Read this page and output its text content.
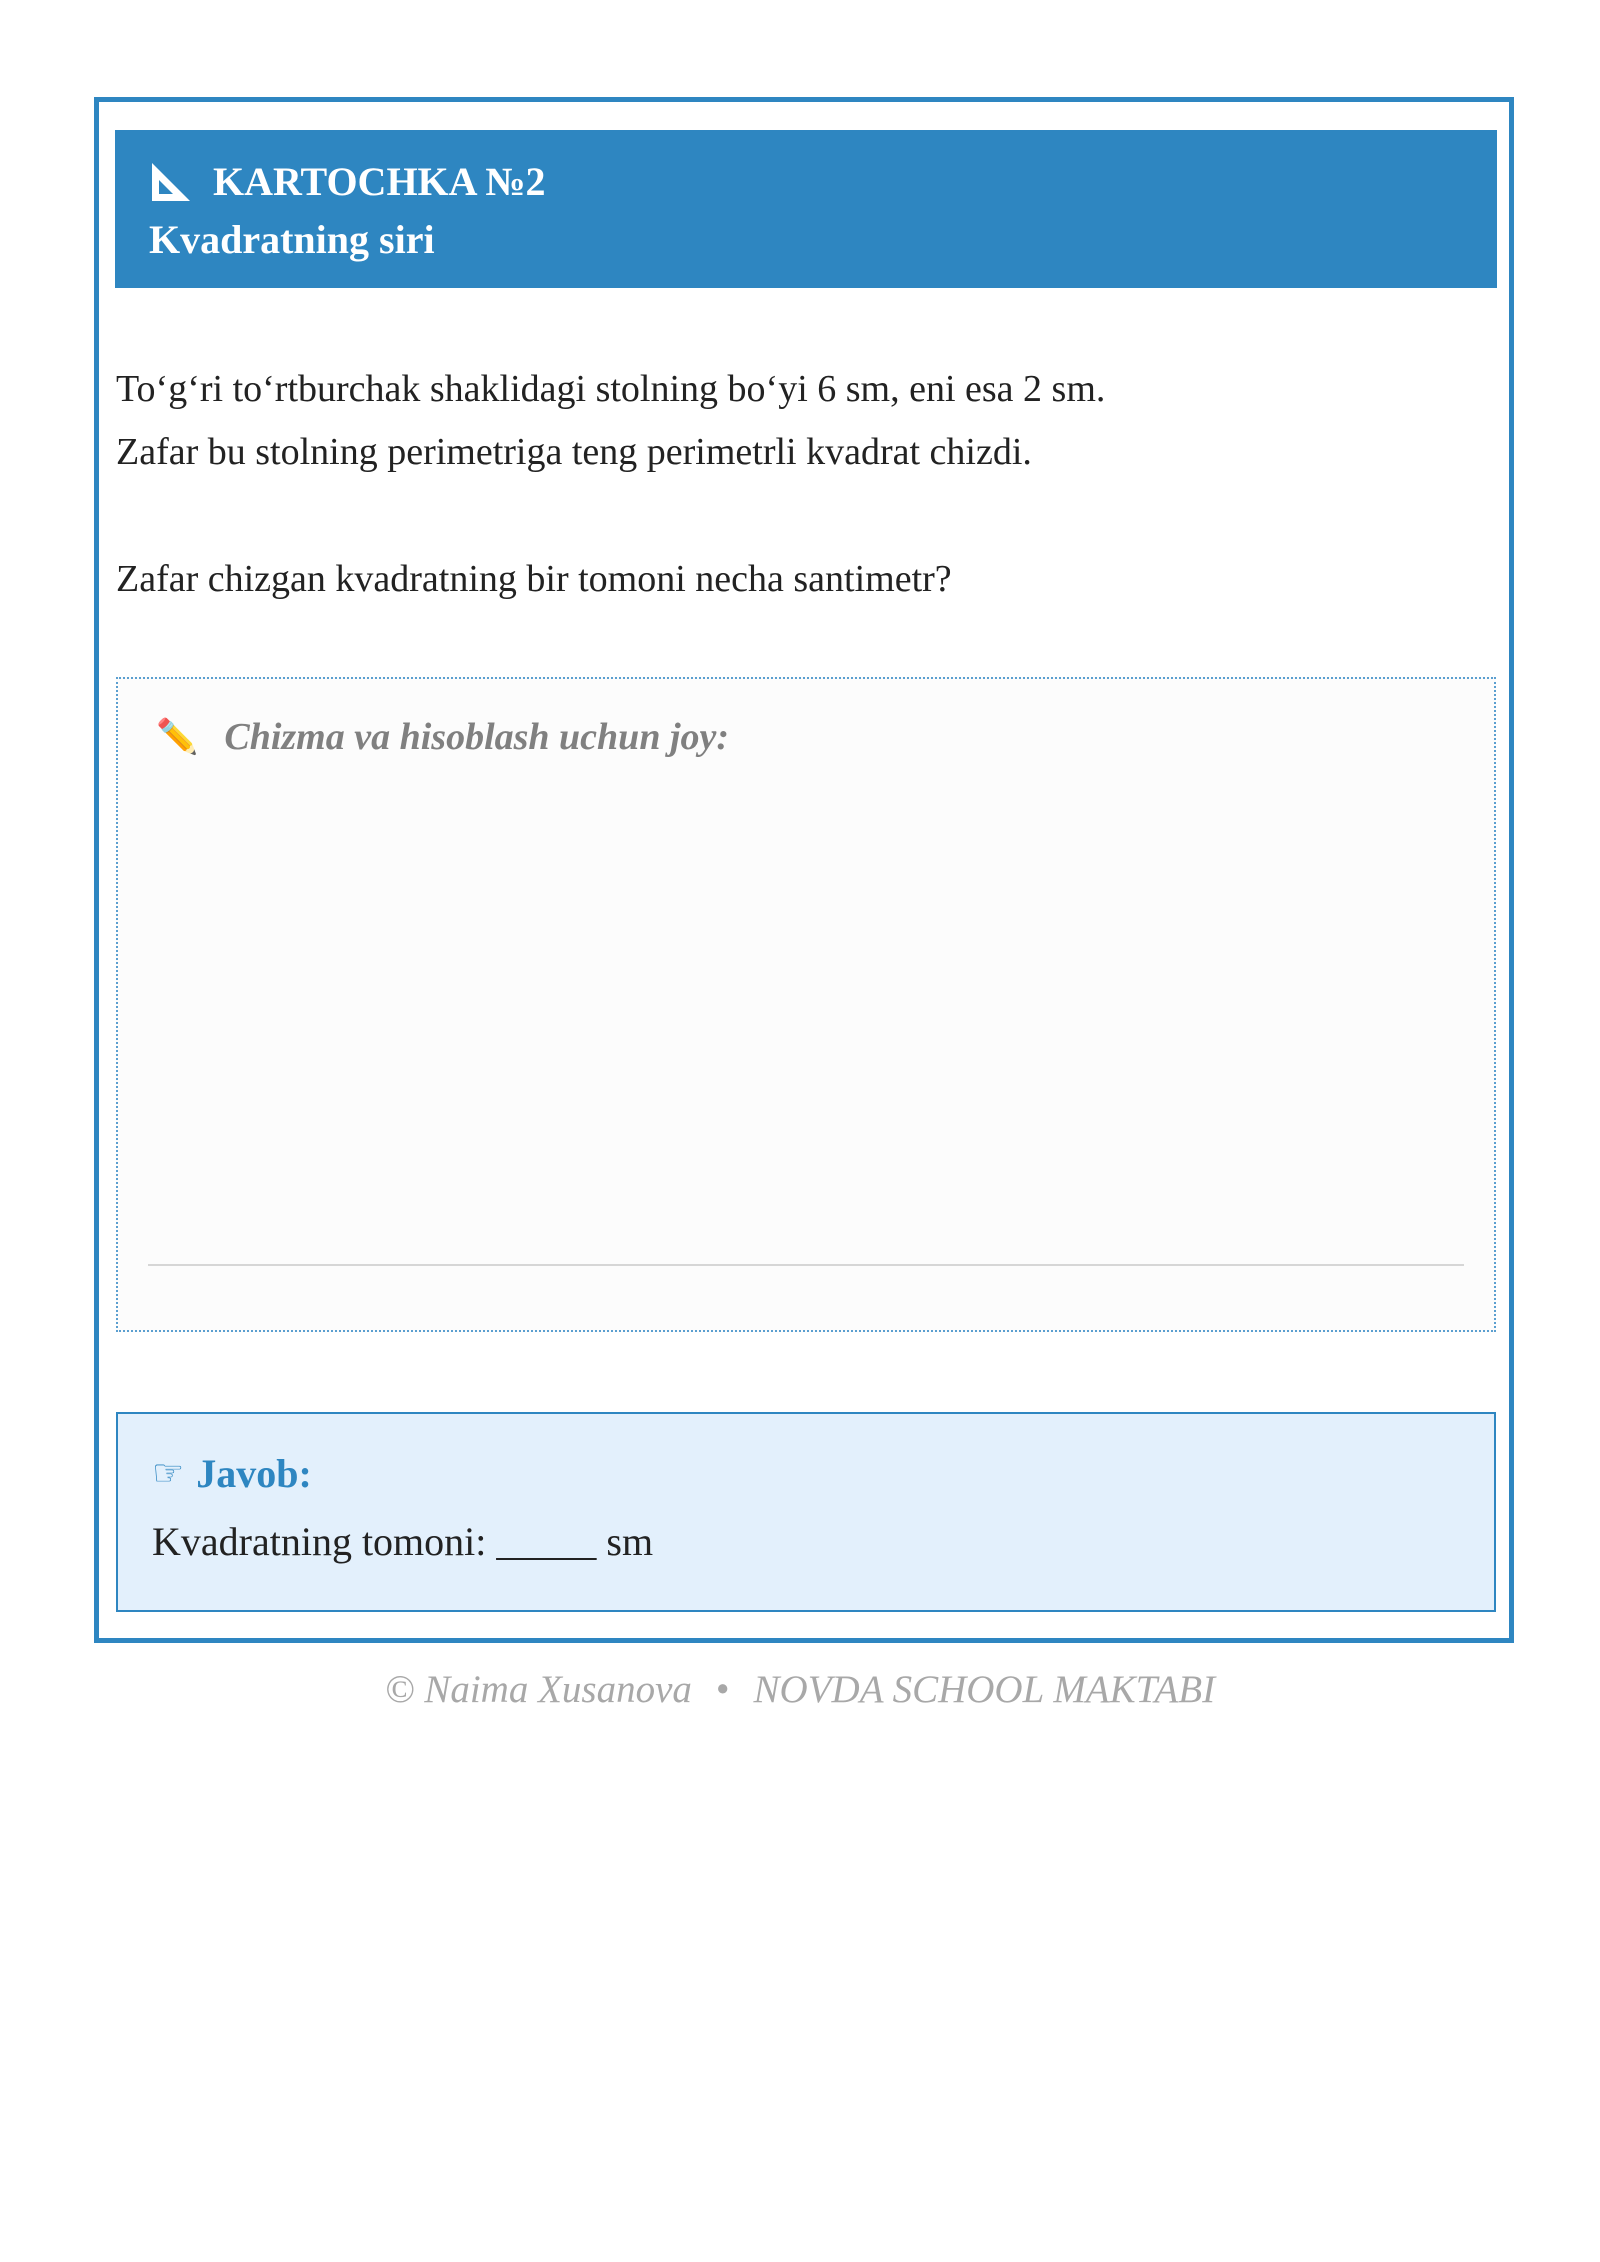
KARTOCHKA №2
Kvadratning siri

To‘g‘ri to‘rtburchak shaklidagi stolning bo‘yi 6 sm, eni esa 2 sm.

Zafar bu stolning perimetriga teng perimetrli kvadrat chizdi.

Zafar chizgan kvadratning bir tomoni necha santimetr?
✏️ Chizma va hisoblash uchun joy:
☞ Javob:
Kvadratning tomoni: _____ sm
© Naima Xusanova • NOVDA SCHOOL MAKTABI
